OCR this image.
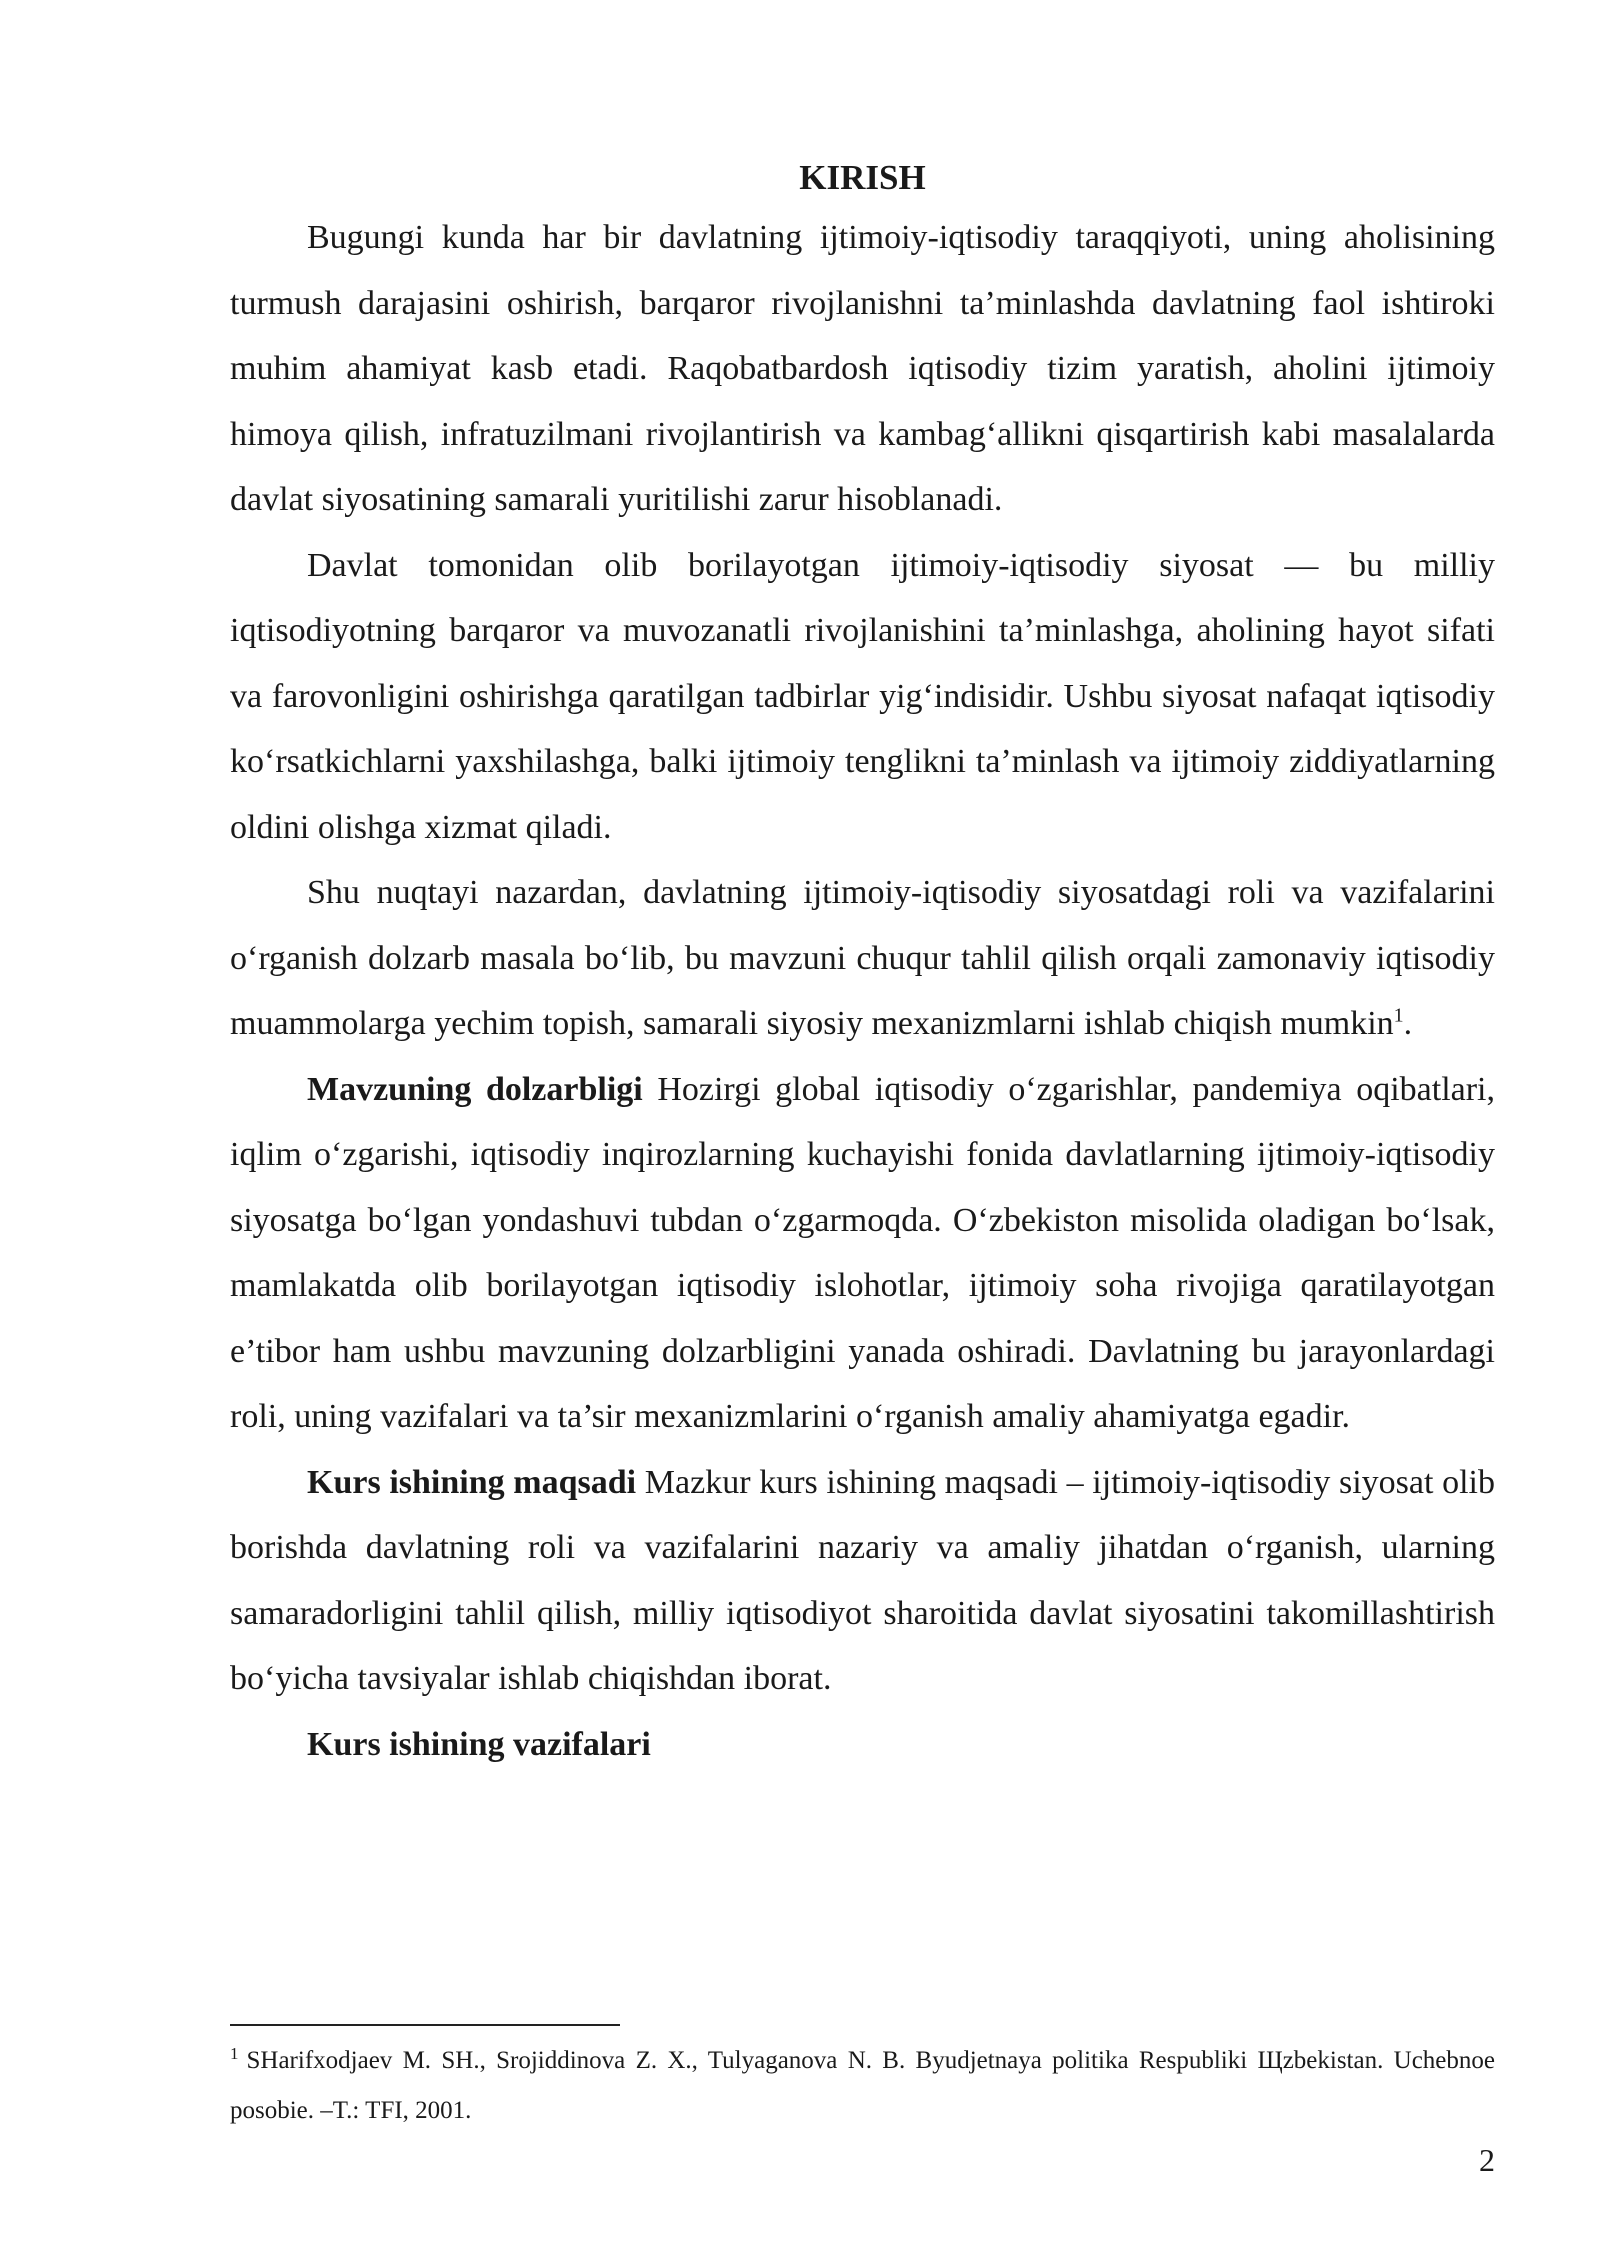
KIRISH

Bugungi kunda har bir davlatning ijtimoiy-iqtisodiy taraqqiyoti, uning aholisining turmush darajasini oshirish, barqaror rivojlanishni ta’minlashda davlatning faol ishtiroki muhim ahamiyat kasb etadi. Raqobatbardosh iqtisodiy tizim yaratish, aholini ijtimoiy himoya qilish, infratuzilmani rivojlantirish va kambag‘allikni qisqartirish kabi masalalarda davlat siyosatining samarali yuritilishi zarur hisoblanadi.

Davlat tomonidan olib borilayotgan ijtimoiy-iqtisodiy siyosat — bu milliy iqtisodiyotning barqaror va muvozanatli rivojlanishini ta’minlashga, aholining hayot sifati va farovonligini oshirishga qaratilgan tadbirlar yig‘indisidir. Ushbu siyosat nafaqat iqtisodiy ko‘rsatkichlarni yaxshilashga, balki ijtimoiy tenglikni ta’minlash va ijtimoiy ziddiyatlarning oldini olishga xizmat qiladi.

Shu nuqtayi nazardan, davlatning ijtimoiy-iqtisodiy siyosatdagi roli va vazifalarini o‘rganish dolzarb masala bo‘lib, bu mavzuni chuqur tahlil qilish orqali zamonaviy iqtisodiy muammolarga yechim topish, samarali siyosiy mexanizmlarni ishlab chiqish mumkin$^1$.

Mavzuning dolzarbligi Hozirgi global iqtisodiy o‘zgarishlar, pandemiya oqibatlari, iqlim o‘zgarishi, iqtisodiy inqirozlarning kuchayishi fonida davlatlarning ijtimoiy-iqtisodiy siyosatga bo‘lgan yondashuvi tubdan o‘zgarmoqda. O‘zbekiston misolida oladigan bo‘lsak, mamlakatda olib borilayotgan iqtisodiy islohotlar, ijtimoiy soha rivojiga qaratilayotgan e’tibor ham ushbu mavzuning dolzarbligini yanada oshiradi. Davlatning bu jarayonlardagi roli, uning vazifalari va ta’sir mexanizmlarini o‘rganish amaliy ahamiyatga egadir.

Kurs ishining maqsadi Mazkur kurs ishining maqsadi – ijtimoiy-iqtisodiy siyosat olib borishda davlatning roli va vazifalarini nazariy va amaliy jihatdan o‘rganish, ularning samaradorligini tahlil qilish, milliy iqtisodiyot sharoitida davlat siyosatini takomillashtirish bo‘yicha tavsiyalar ishlab chiqishdan iborat.

Kurs ishining vazifalari

$^1$ SHarifxodjaev M. SH., Srojiddinova Z. X., Tulyaganova N. B. Byudjetnaya politika Respubliki Щzbekistan. Uchebnoe posobie. –T.: TFI, 2001.
2
